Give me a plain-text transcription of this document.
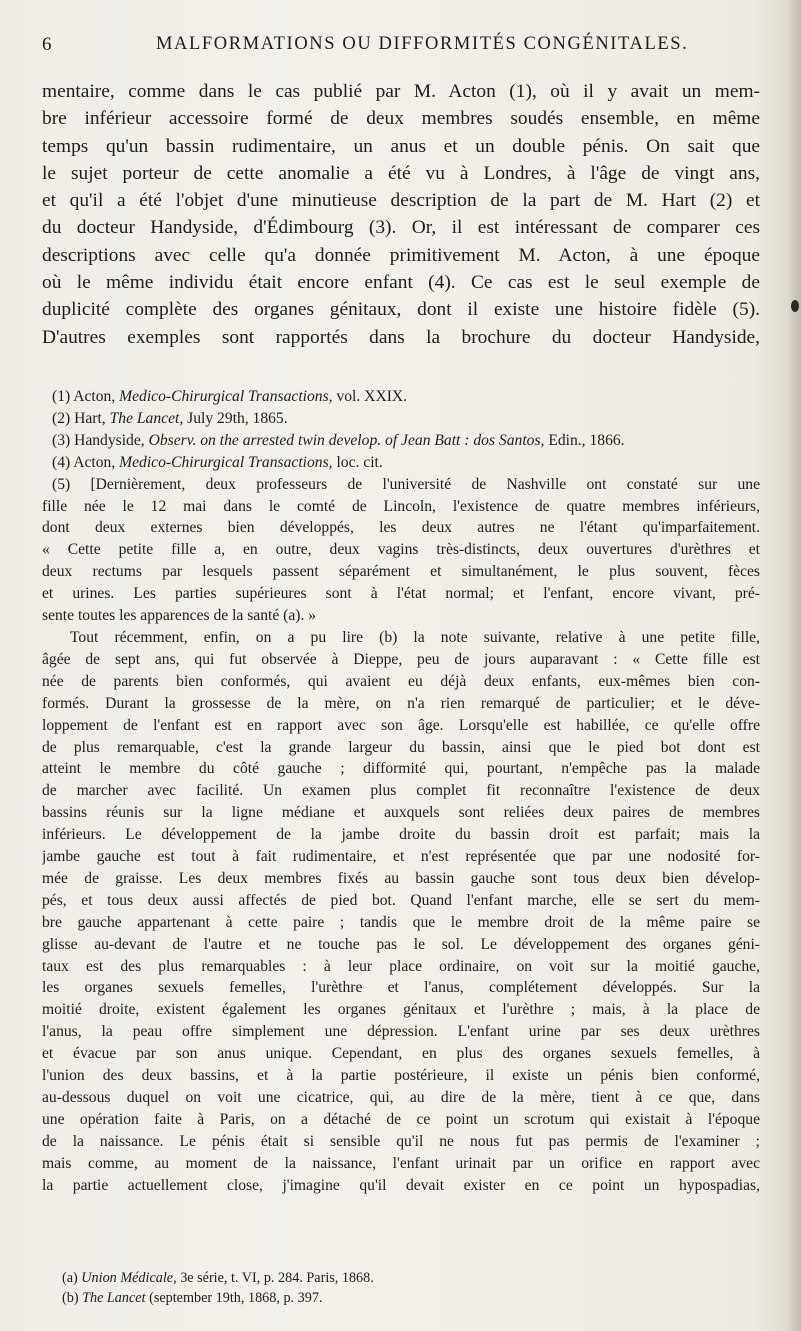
6	MALFORMATIONS OU DIFFORMITÉS CONGÉNITALES.
mentaire, comme dans le cas publié par M. Acton (1), où il y avait un mem-
bre inférieur accessoire formé de deux membres soudés ensemble, en même
temps qu'un bassin rudimentaire, un anus et un double pénis. On sait que
le sujet porteur de cette anomalie a été vu à Londres, à l'âge de vingt ans,
et qu'il a été l'objet d'une minutieuse description de la part de M. Hart (2) et
du docteur Handyside, d'Édimbourg (3). Or, il est intéressant de comparer ces
descriptions avec celle qu'a donnée primitivement M. Acton, à une époque
où le même individu était encore enfant (4). Ce cas est le seul exemple de
duplicité complète des organes génitaux, dont il existe une histoire fidèle (5).
D'autres exemples sont rapportés dans la brochure du docteur Handyside,
(1) Acton, Medico-Chirurgical Transactions, vol. XXIX.
(2) Hart, The Lancet, July 29th, 1865.
(3) Handyside, Observ. on the arrested twin develop. of Jean Batt : dos Santos, Edin., 1866.
(4) Acton, Medico-Chirurgical Transactions, loc. cit.
(5) [Dernièrement, deux professeurs de l'université de Nashville ont constaté sur une
fille née le 12 mai dans le comté de Lincoln, l'existence de quatre membres inférieurs,
dont deux externes bien développés, les deux autres ne l'étant qu'imparfaitement.
« Cette petite fille a, en outre, deux vagins très-distincts, deux ouvertures d'urèthres et
deux rectums par lesquels passent séparément et simultanément, le plus souvent, fèces
et urines. Les parties supérieures sont à l'état normal; et l'enfant, encore vivant, pré-
sente toutes les apparences de la santé (a). »
Tout récemment, enfin, on a pu lire (b) la note suivante, relative à une petite fille,
âgée de sept ans, qui fut observée à Dieppe, peu de jours auparavant : « Cette fille est
née de parents bien conformés, qui avaient eu déjà deux enfants, eux-mêmes bien con-
formés. Durant la grossesse de la mère, on n'a rien remarqué de particulier; et le déve-
loppement de l'enfant est en rapport avec son âge. Lorsqu'elle est habillée, ce qu'elle offre
de plus remarquable, c'est la grande largeur du bassin, ainsi que le pied bot dont est
atteint le membre du côté gauche ; difformité qui, pourtant, n'empêche pas la malade
de marcher avec facilité. Un examen plus complet fit reconnaître l'existence de deux
bassins réunis sur la ligne médiane et auxquels sont reliées deux paires de membres
inférieurs. Le développement de la jambe droite du bassin droit est parfait; mais la
jambe gauche est tout à fait rudimentaire, et n'est représentée que par une nodosité for-
mée de graisse. Les deux membres fixés au bassin gauche sont tous deux bien dévelop-
pés, et tous deux aussi affectés de pied bot. Quand l'enfant marche, elle se sert du mem-
bre gauche appartenant à cette paire ; tandis que le membre droit de la même paire se
glisse au-devant de l'autre et ne touche pas le sol. Le développement des organes géni-
taux est des plus remarquables : à leur place ordinaire, on voit sur la moitié gauche,
les organes sexuels femelles, l'urèthre et l'anus, complétement développés. Sur la
moitié droite, existent également les organes génitaux et l'urèthre ; mais, à la place de
l'anus, la peau offre simplement une dépression. L'enfant urine par ses deux urèthres
et évacue par son anus unique. Cependant, en plus des organes sexuels femelles, à
l'union des deux bassins, et à la partie postérieure, il existe un pénis bien conformé,
au-dessous duquel on voit une cicatrice, qui, au dire de la mère, tient à ce que, dans
une opération faite à Paris, on a détaché de ce point un scrotum qui existait à l'époque
de la naissance. Le pénis était si sensible qu'il ne nous fut pas permis de l'examiner ;
mais comme, au moment de la naissance, l'enfant urinait par un orifice en rapport avec
la partie actuellement close, j'imagine qu'il devait exister en ce point un hypospadias,
(a) Union Médicale, 3e série, t. VI, p. 284. Paris, 1868.
(b) The Lancet (september 19th, 1868, p. 397.
